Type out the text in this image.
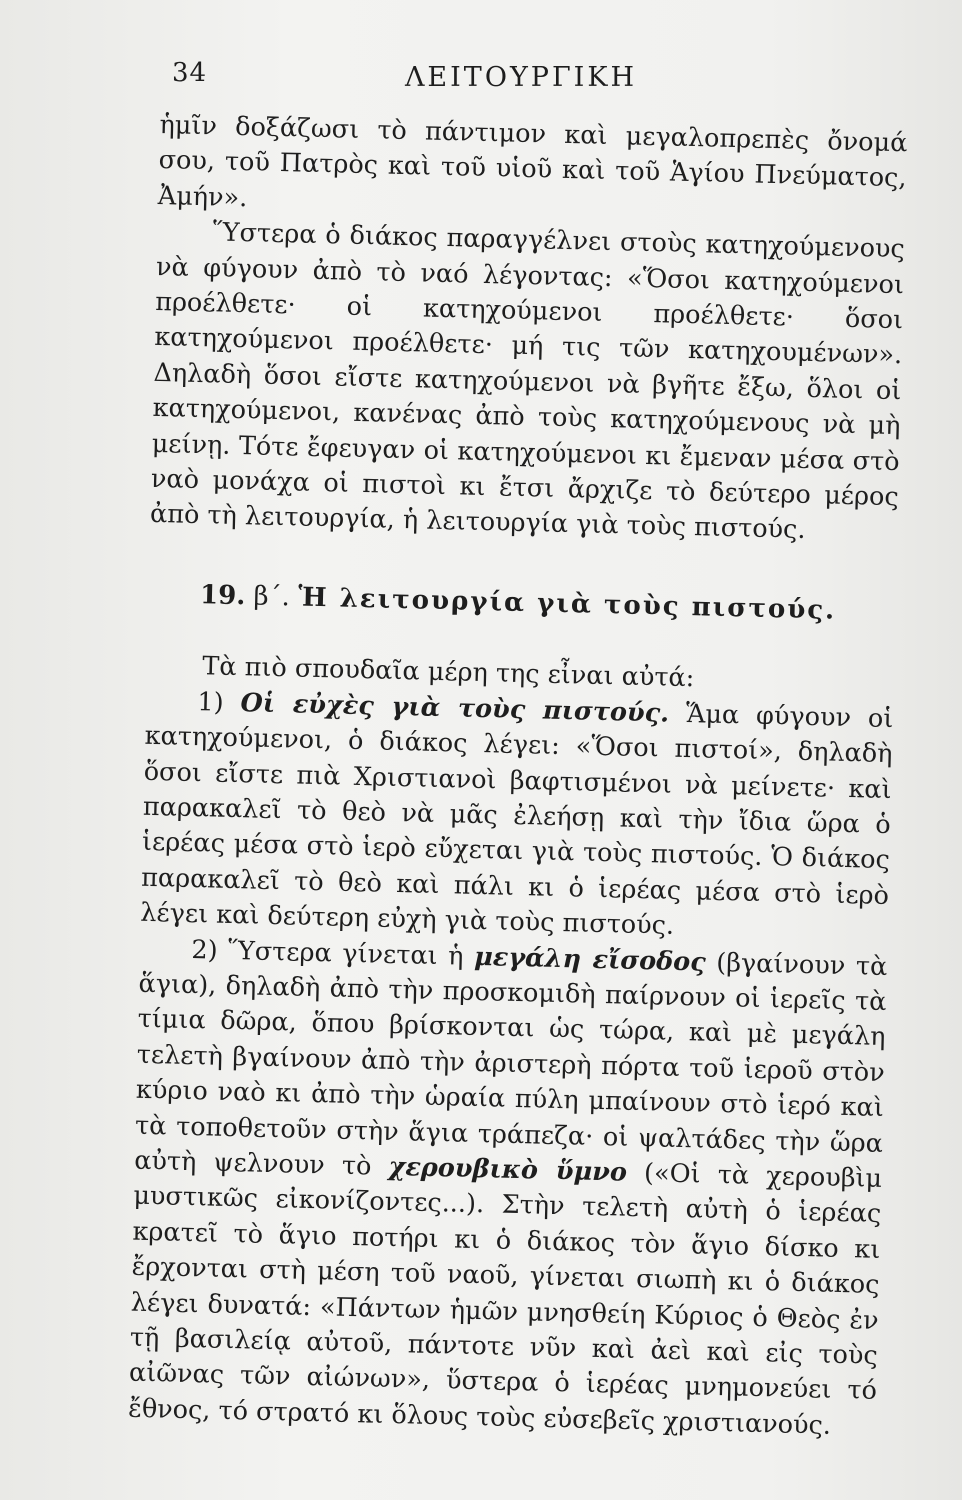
34	ΛΕΙΤΟΥΡΓΙΚΗ

ἡμῖν δοξάζωσι τὸ πάντιμον καὶ μεγαλοπρεπὲς ὄνομά σου, τοῦ Πατρὸς καὶ τοῦ υἱοῦ καὶ τοῦ Ἁγίου Πνεύματος, Ἀμήν».

Ὕστερα ὁ διάκος παραγγέλνει στοὺς κατηχούμενους νὰ φύγουν ἀπὸ τὸ ναό λέγοντας: «Ὅσοι κατηχούμενοι προέλθετε· οἱ κατηχούμενοι προέλθετε· ὅσοι κατηχούμενοι προέλθετε· μή τις τῶν κατηχουμένων». Δηλαδὴ ὅσοι εἴστε κατηχούμενοι νὰ βγῆτε ἔξω, ὅλοι οἱ κατηχούμενοι, κανένας ἀπὸ τοὺς κατηχούμενους νὰ μὴ μείνῃ. Τότε ἔφευγαν οἱ κατηχούμενοι κι ἔμεναν μέσα στὸ ναὸ μονάχα οἱ πιστοὶ κι ἔτσι ἄρχιζε τὸ δεύτερο μέρος ἀπὸ τὴ λειτουργία, ἡ λειτουργία γιὰ τοὺς πιστούς.

19. β΄. Ἡ λειτουργία γιὰ τοὺς πιστούς.

Τὰ πιὸ σπουδαῖα μέρη της εἶναι αὐτά:

1) Οἱ εὐχὲς γιὰ τοὺς πιστούς. Ἅμα φύγουν οἱ κατηχούμενοι, ὁ διάκος λέγει: «Ὅσοι πιστοί», δηλαδὴ ὅσοι εἴστε πιὰ Χριστιανοὶ βαφτισμένοι νὰ μείνετε· καὶ παρακαλεῖ τὸ θεὸ νὰ μᾶς ἐλεήσῃ καὶ τὴν ἴδια ὥρα ὁ ἱερέας μέσα στὸ ἱερὸ εὔχεται γιὰ τοὺς πιστούς. Ὁ διάκος παρακαλεῖ τὸ θεὸ καὶ πάλι κι ὁ ἱερέας μέσα στὸ ἱερὸ λέγει καὶ δεύτερη εὐχὴ γιὰ τοὺς πιστούς.

2) Ὕστερα γίνεται ἡ μεγάλη εἴσοδος (βγαίνουν τὰ ἅγια), δηλαδὴ ἀπὸ τὴν προσκομιδὴ παίρνουν οἱ ἱερεῖς τὰ τίμια δῶρα, ὅπου βρίσκονται ὡς τώρα, καὶ μὲ μεγάλη τελετὴ βγαίνουν ἀπὸ τὴν ἀριστερὴ πόρτα τοῦ ἱεροῦ στὸν κύριο ναὸ κι ἀπὸ τὴν ὡραία πύλη μπαίνουν στὸ ἱερό καὶ τὰ τοποθετοῦν στὴν ἅγια τράπεζα· οἱ ψαλτάδες τὴν ὥρα αὐτὴ ψελνουν τὸ χερουβικὸ ὕμνο («Οἱ τὰ χερουβὶμ μυστικῶς εἰκονίζοντες...). Στὴν τελετὴ αὐτὴ ὁ ἱερέας κρατεῖ τὸ ἅγιο ποτήρι κι ὁ διάκος τὸν ἅγιο δίσκο κι ἔρχονται στὴ μέση τοῦ ναοῦ, γίνεται σιωπὴ κι ὁ διάκος λέγει δυνατά: «Πάντων ἡμῶν μνησθείη Κύριος ὁ Θεὸς ἐν τῇ βασιλείᾳ αὐτοῦ, πάντοτε νῦν καὶ ἀεὶ καὶ εἰς τοὺς αἰῶνας τῶν αἰώνων», ὕστερα ὁ ἱερέας μνημονεύει τό ἔθνος, τό στρατό κι ὅλους τοὺς εὐσεβεῖς χριστιανούς.
